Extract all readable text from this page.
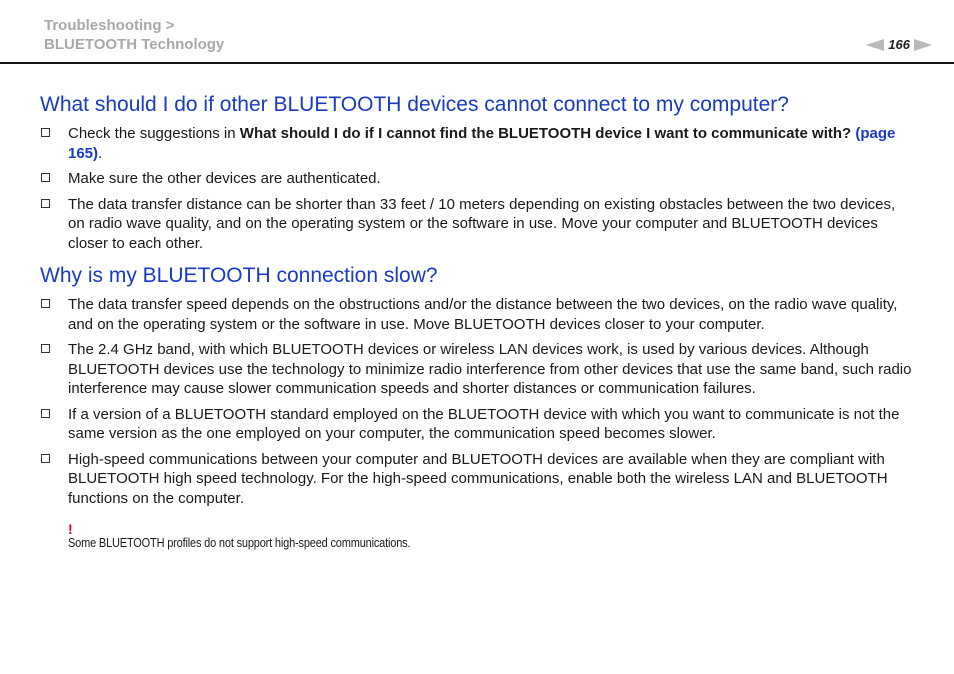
Troubleshooting >
BLUETOOTH Technology	166
What should I do if other BLUETOOTH devices cannot connect to my computer?
Check the suggestions in What should I do if I cannot find the BLUETOOTH device I want to communicate with? (page 165).
Make sure the other devices are authenticated.
The data transfer distance can be shorter than 33 feet / 10 meters depending on existing obstacles between the two devices, on radio wave quality, and on the operating system or the software in use. Move your computer and BLUETOOTH devices closer to each other.
Why is my BLUETOOTH connection slow?
The data transfer speed depends on the obstructions and/or the distance between the two devices, on the radio wave quality, and on the operating system or the software in use. Move BLUETOOTH devices closer to your computer.
The 2.4 GHz band, with which BLUETOOTH devices or wireless LAN devices work, is used by various devices. Although BLUETOOTH devices use the technology to minimize radio interference from other devices that use the same band, such radio interference may cause slower communication speeds and shorter distances or communication failures.
If a version of a BLUETOOTH standard employed on the BLUETOOTH device with which you want to communicate is not the same version as the one employed on your computer, the communication speed becomes slower.
High-speed communications between your computer and BLUETOOTH devices are available when they are compliant with BLUETOOTH high speed technology. For the high-speed communications, enable both the wireless LAN and BLUETOOTH functions on the computer.
!
Some BLUETOOTH profiles do not support high-speed communications.
